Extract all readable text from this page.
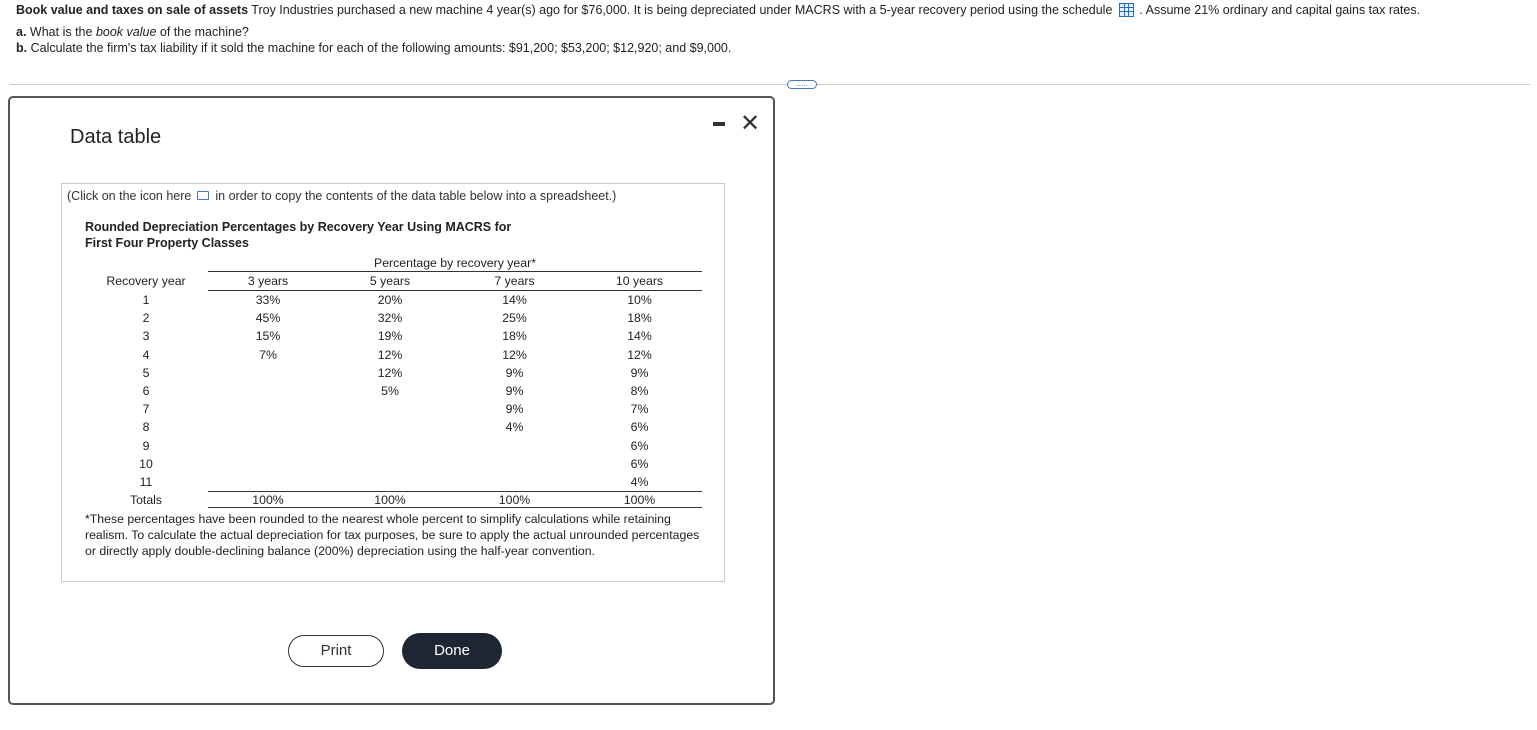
Book value and taxes on sale of assets Troy Industries purchased a new machine 4 year(s) ago for $76,000. It is being depreciated under MACRS with a 5-year recovery period using the schedule . Assume 21% ordinary and capital gains tax rates.
a. What is the book value of the machine?
b. Calculate the firm's tax liability if it sold the machine for each of the following amounts: $91,200; $53,200; $12,920; and $9,000.
.....
Data table	✕
(Click on the icon here in order to copy the contents of the data table below into a spreadsheet.)
Rounded Depreciation Percentages by Recovery Year Using MACRS for
First Four Property Classes
	Percentage by recovery year*			
Recovery year	3 years	5 years	7 years	10 years
1	33%	20%	14%	10%
2	45%	32%	25%	18%
3	15%	19%	18%	14%
4	7%	12%	12%	12%
5		12%	9%	9%
6		5%	9%	8%
7			9%	7%
8			4%	6%
9				6%
10				6%
11				4%
Totals	100%	100%	100%	100%
*These percentages have been rounded to the nearest whole percent to simplify calculations while retaining realism. To calculate the actual depreciation for tax purposes, be sure to apply the actual unrounded percentages or directly apply double-declining balance (200%) depreciation using the half-year convention.
Print	Done
